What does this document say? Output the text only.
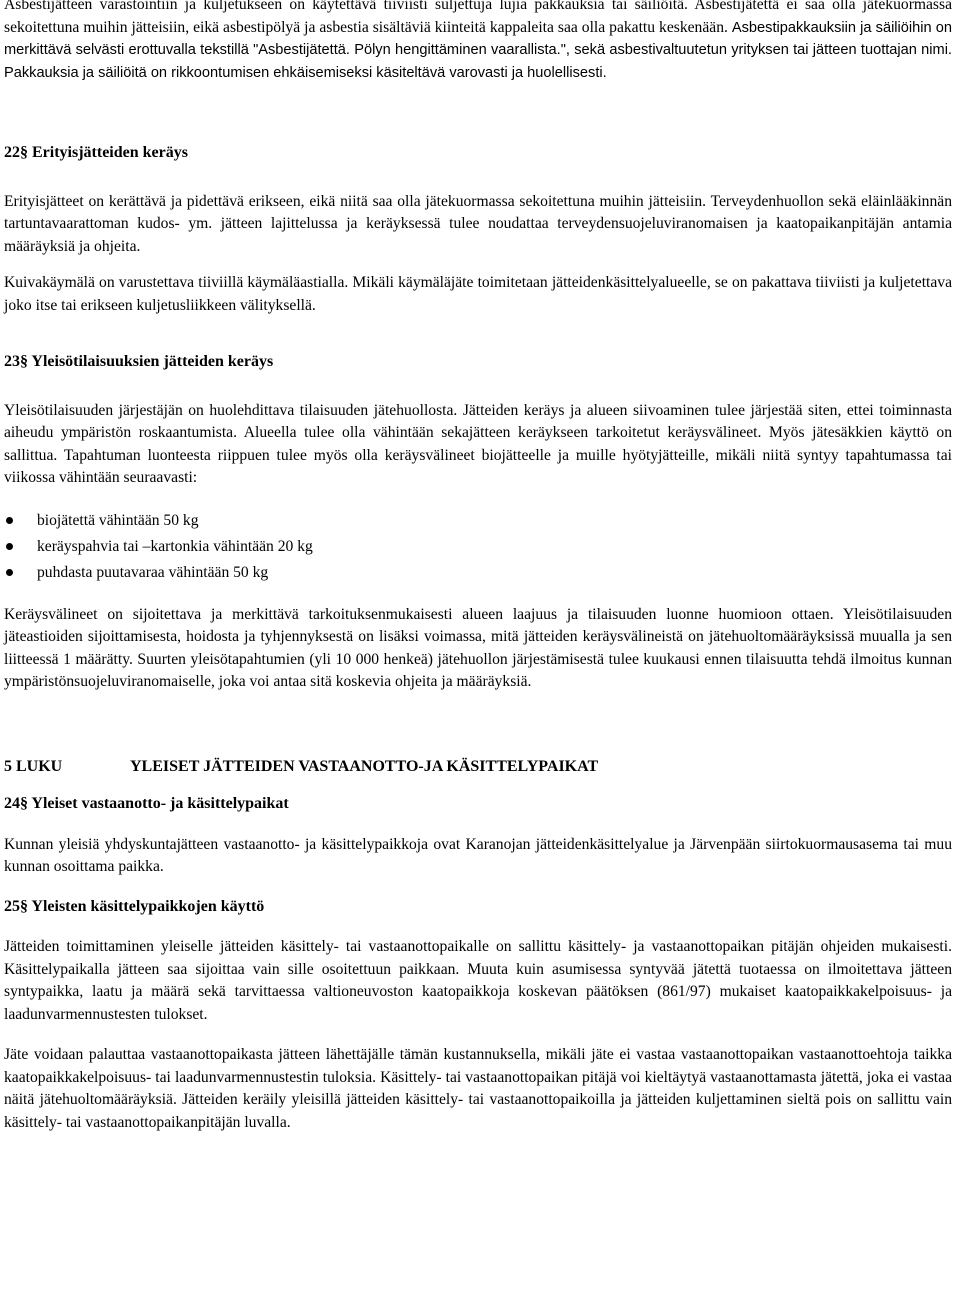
Asbestijätteen varastointiin ja kuljetukseen on käytettävä tiiviisti suljettuja lujia pakkauksia tai säiliöitä. Asbestijätettä ei saa olla jätekuormassa sekoitettuna muihin jätteisiin, eikä asbestipölyä ja asbestia sisältäviä kiinteitä kappaleita saa olla pakattu keskenään. Asbestipakkauksiin ja säiliöihin on merkittävä selvästi erottuvalla tekstillä "Asbestijätettä. Pölyn hengittäminen vaarallista.", sekä asbestivaltuutetun yrityksen tai jätteen tuottajan nimi. Pakkauksia ja säiliöitä on rikkoontumisen ehkäisemiseksi käsiteltävä varovasti ja huolellisesti.

22§ Erityisjätteiden keräys

Erityisjätteet on kerättävä ja pidettävä erikseen, eikä niitä saa olla jätekuormassa sekoitettuna muihin jätteisiin. Terveydenhuollon sekä eläinlääkinnän tartuntavaarattoman kudos- ym. jätteen lajittelussa ja keräyksessä tulee noudattaa terveydensuojeluviranomaisen ja kaatopaikanpitäjän antamia määräyksiä ja ohjeita.

Kuivakäymälä on varustettava tiiviillä käymäläastialla. Mikäli käymäläjäte toimitetaan jätteidenkäsittelyalueelle, se on pakattava tiiviisti ja kuljetettava joko itse tai erikseen kuljetusliikkeen välityksellä.

23§ Yleisötilaisuuksien jätteiden keräys

Yleisötilaisuuden järjestäjän on huolehdittava tilaisuuden jätehuollosta. Jätteiden keräys ja alueen siivoaminen tulee järjestää siten, ettei toiminnasta aiheudu ympäristön roskaantumista. Alueella tulee olla vähintään sekajätteen keräykseen tarkoitetut keräysvälineet. Myös jätesäkkien käyttö on sallittua. Tapahtuman luonteesta riippuen tulee myös olla keräysvälineet biojätteelle ja muille hyötyjätteille, mikäli niitä syntyy tapahtumassa tai viikossa vähintään seuraavasti:

biojätettä vähintään 50 kg
keräyspahvia tai –kartonkia vähintään 20 kg
puhdasta puutavaraa vähintään 50 kg

Keräysvälineet on sijoitettava ja merkittävä tarkoituksenmukaisesti alueen laajuus ja tilaisuuden luonne huomioon ottaen. Yleisötilaisuuden jäteastioiden sijoittamisesta, hoidosta ja tyhjennyksestä on lisäksi voimassa, mitä jätteiden keräysvälineistä on jätehuoltomääräyksissä muualla ja sen liitteessä 1 määrätty. Suurten yleisötapahtumien (yli 10 000 henkeä) jätehuollon järjestämisestä tulee kuukausi ennen tilaisuutta tehdä ilmoitus kunnan ympäristönsuojeluviranomaiselle, joka voi antaa sitä koskevia ohjeita ja määräyksiä.

5 LUKU	YLEISET JÄTTEIDEN VASTAANOTTO-JA KÄSITTELYPAIKAT
24§ Yleiset vastaanotto- ja käsittelypaikat

Kunnan yleisiä yhdyskuntajätteen vastaanotto- ja käsittelypaikkoja ovat Karanojan jätteidenkäsittelyalue ja Järvenpään siirtokuormausasema tai muu kunnan osoittama paikka.

25§ Yleisten käsittelypaikkojen käyttö

Jätteiden toimittaminen yleiselle jätteiden käsittely- tai vastaanottopaikalle on sallittu käsittely- ja vastaanottopaikan pitäjän ohjeiden mukaisesti. Käsittelypaikalla jätteen saa sijoittaa vain sille osoitettuun paikkaan. Muuta kuin asumisessa syntyvää jätettä tuotaessa on ilmoitettava jätteen syntypaikka, laatu ja määrä sekä tarvittaessa valtioneuvoston kaatopaikkoja koskevan päätöksen (861/97) mukaiset kaatopaikkakelpoisuus- ja laadunvarmennustesten tulokset.

Jäte voidaan palauttaa vastaanottopaikasta jätteen lähettäjälle tämän kustannuksella, mikäli jäte ei vastaa vastaanottopaikan vastaanottoehtoja taikka kaatopaikkakelpoisuus- tai laadunvarmennustestin tuloksia. Käsittely- tai vastaanottopaikan pitäjä voi kieltäytyä vastaanottamasta jätettä, joka ei vastaa näitä jätehuoltomääräyksiä. Jätteiden keräily yleisillä jätteiden käsittely- tai vastaanottopaikoilla ja jätteiden kuljettaminen sieltä pois on sallittu vain käsittely- tai vastaanottopaikanpitäjän luvalla.
